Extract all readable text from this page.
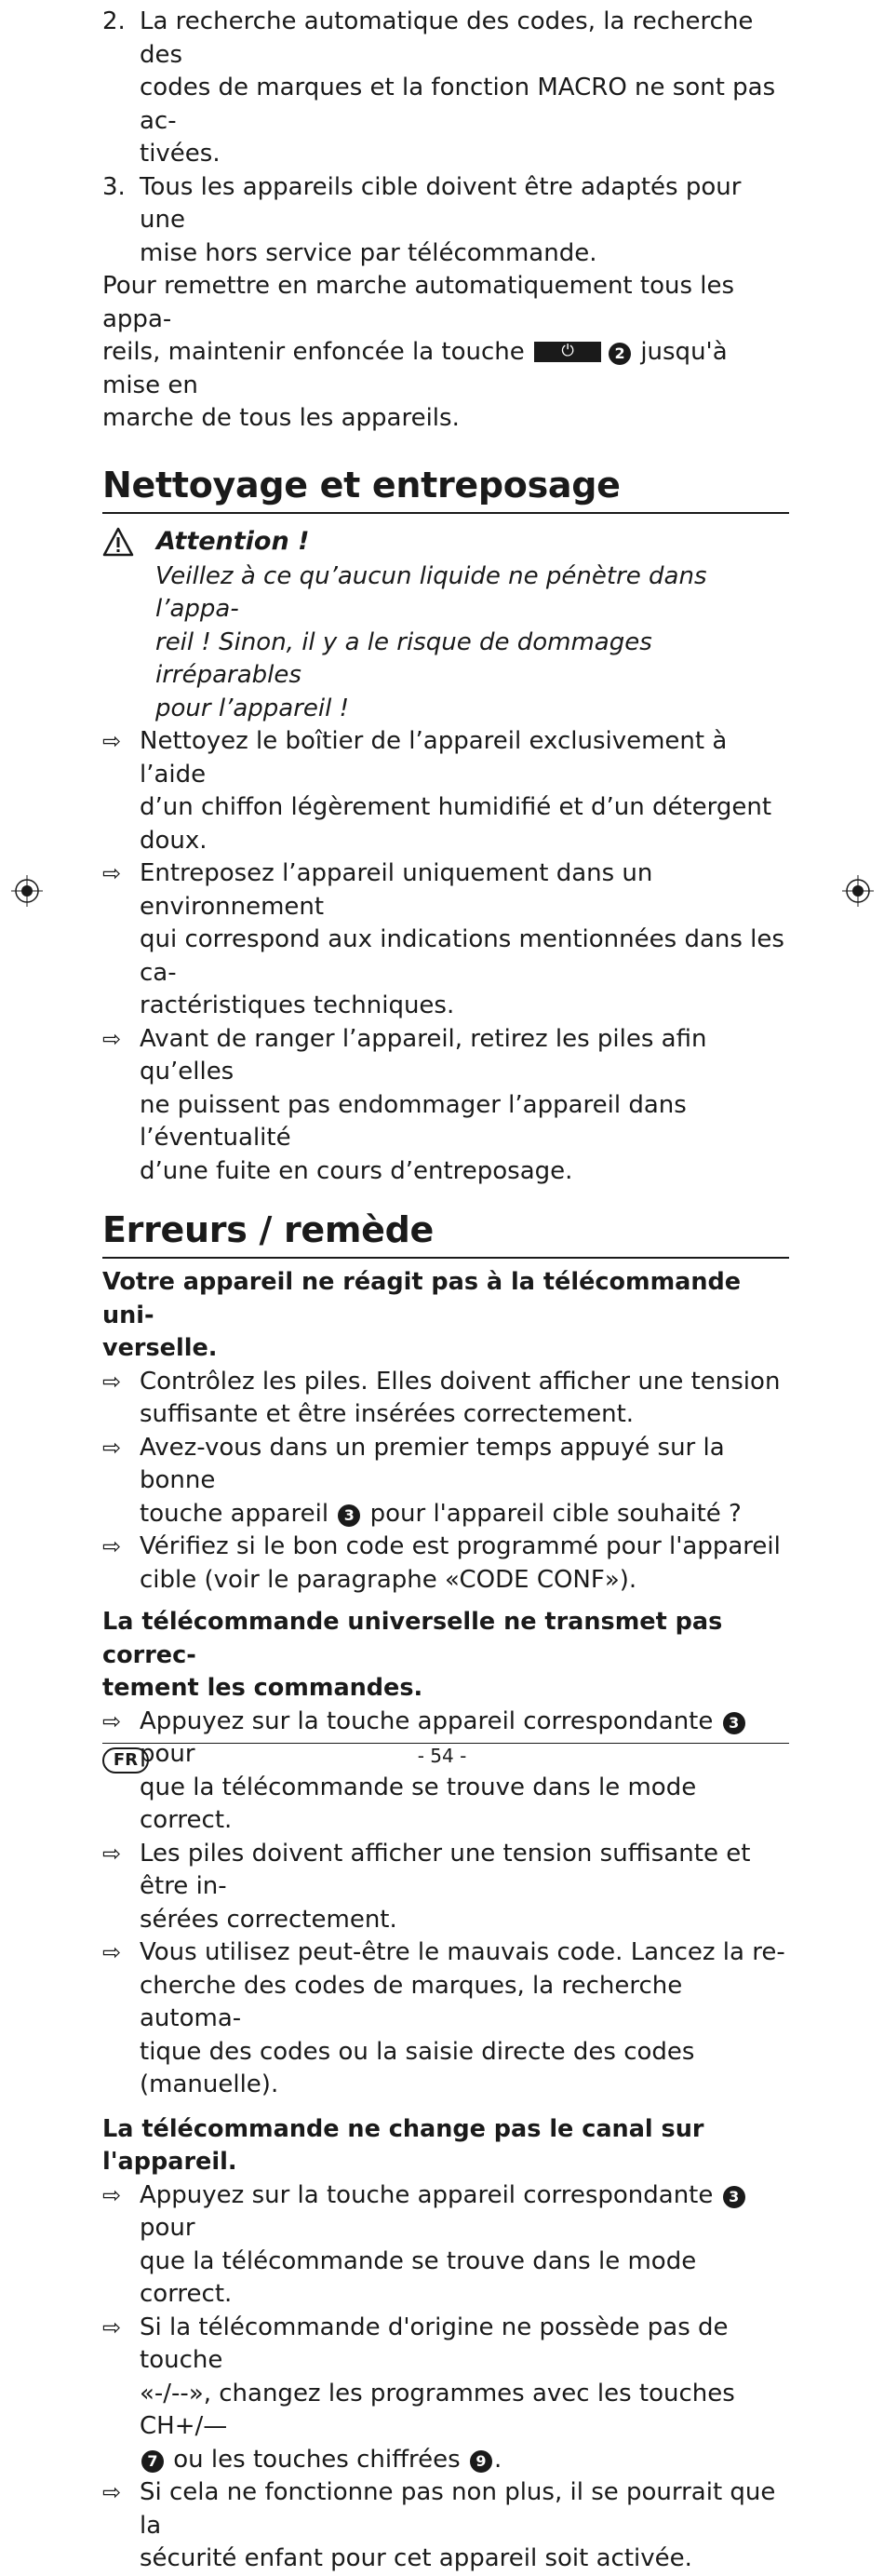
2. La recherche automatique des codes, la recherche des

codes de marques et la fonction MACRO ne sont pas ac-

tivées.

3. Tous les appareils cible doivent être adaptés pour une

mise hors service par télécommande.

Pour remettre en marche automatiquement tous les appa-

reils, maintenir enfoncée la touche	⏻	2 jusqu'à mise en

marche de tous les appareils.

Nettoyage et entreposage
Attention !

Veillez à ce qu’aucun liquide ne pénètre dans l’appa-

reil ! Sinon, il y a le risque de dommages irréparables

pour l’appareil !

⇨ Nettoyez le boîtier de l’appareil exclusivement à l’aide

d’un chiffon légèrement humidifié et d’un détergent doux.

⇨ Entreposez l’appareil uniquement dans un environnement

qui correspond aux indications mentionnées dans les ca-

ractéristiques techniques.

⇨ Avant de ranger l’appareil, retirez les piles afin qu’elles

ne puissent pas endommager l’appareil dans l’éventualité

d’une fuite en cours d’entreposage.

Erreurs / remède

Votre appareil ne réagit pas à la télécommande uni-

verselle.

⇨ Contrôlez les piles. Elles doivent afficher une tension

suffisante et être insérées correctement.

⇨ Avez-vous dans un premier temps appuyé sur la bonne

touche appareil 3 pour l'appareil cible souhaité ?

⇨ Vérifiez si le bon code est programmé pour l'appareil

cible (voir le paragraphe «CODE CONF»).

La télécommande universelle ne transmet pas correc-

tement les commandes.

⇨ Appuyez sur la touche appareil correspondante 3 pour

que la télécommande se trouve dans le mode correct.

⇨ Les piles doivent afficher une tension suffisante et être in-

sérées correctement.

⇨ Vous utilisez peut-être le mauvais code. Lancez la re-

cherche des codes de marques, la recherche automa-

tique des codes ou la saisie directe des codes (manuelle).

La télécommande ne change pas le canal sur l'appareil.

⇨ Appuyez sur la touche appareil correspondante 3 pour

que la télécommande se trouve dans le mode correct.

⇨ Si la télécommande d'origine ne possède pas de touche

«-/--», changez les programmes avec les touches CH+/—

7 ou les touches chiffrées 9 .

⇨ Si cela ne fonctionne pas non plus, il se pourrait que la

sécurité enfant pour cet appareil soit activée.

FR	- 54 -
